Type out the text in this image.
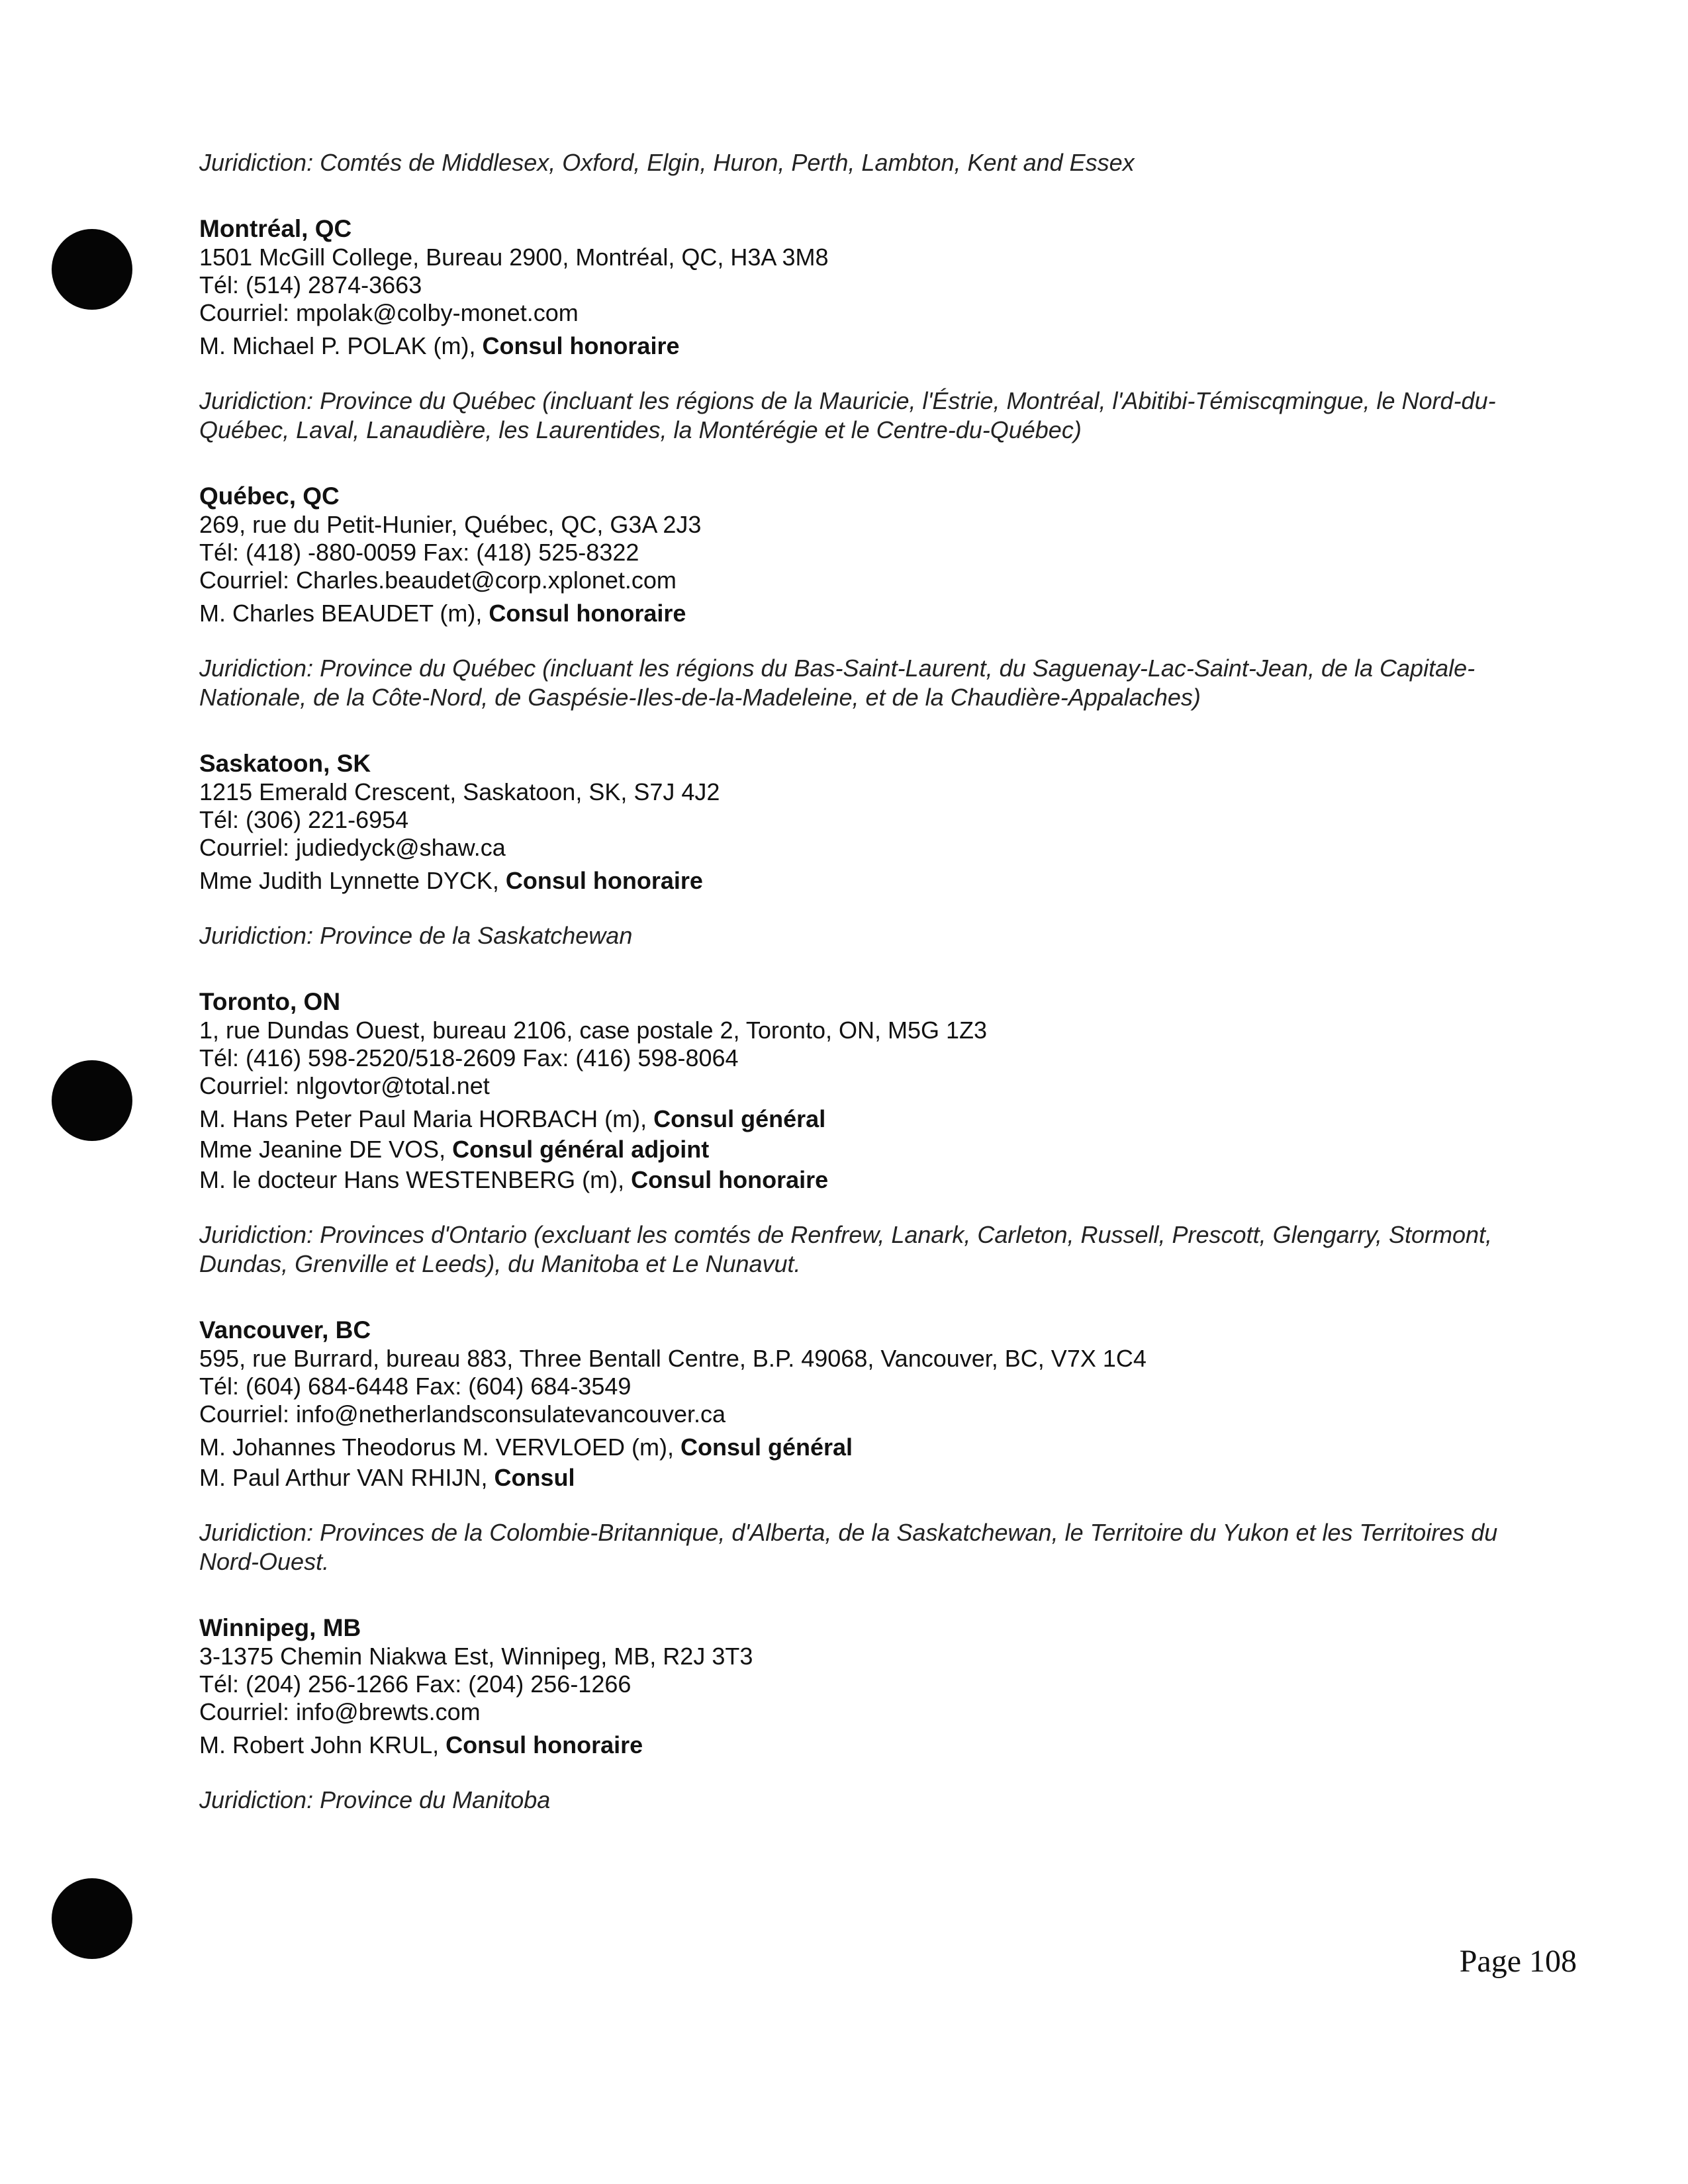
Juridiction: Comtés de Middlesex, Oxford, Elgin, Huron, Perth, Lambton, Kent and Essex
Montréal, QC
1501 McGill College, Bureau 2900, Montréal, QC, H3A 3M8
Tél: (514) 2874-3663
Courriel: mpolak@colby-monet.com
M. Michael P. POLAK (m), Consul honoraire
Juridiction: Province du Québec (incluant les régions de la Mauricie, l'Éstrie, Montréal, l'Abitibi-Témiscqmingue, le Nord-du-Québec, Laval, Lanaudière, les Laurentides, la Montérégie et le Centre-du-Québec)
Québec, QC
269, rue du Petit-Hunier, Québec, QC, G3A 2J3
Tél: (418) -880-0059 Fax: (418) 525-8322
Courriel: Charles.beaudet@corp.xplonet.com
M. Charles BEAUDET (m), Consul honoraire
Juridiction: Province du Québec (incluant les régions du Bas-Saint-Laurent, du Saguenay-Lac-Saint-Jean, de la Capitale-Nationale, de la Côte-Nord, de Gaspésie-Iles-de-la-Madeleine, et de la Chaudière-Appalaches)
Saskatoon, SK
1215 Emerald Crescent, Saskatoon, SK, S7J 4J2
Tél: (306) 221-6954
Courriel: judiedyck@shaw.ca
Mme Judith Lynnette DYCK, Consul honoraire
Juridiction: Province de la Saskatchewan
Toronto, ON
1, rue Dundas Ouest, bureau 2106, case postale 2, Toronto, ON, M5G 1Z3
Tél: (416) 598-2520/518-2609 Fax: (416) 598-8064
Courriel: nlgovtor@total.net
M. Hans Peter Paul Maria HORBACH (m), Consul général
Mme Jeanine DE VOS, Consul général adjoint
M. le docteur Hans WESTENBERG (m), Consul honoraire
Juridiction: Provinces d'Ontario (excluant les comtés de Renfrew, Lanark, Carleton, Russell, Prescott, Glengarry, Stormont, Dundas, Grenville et Leeds), du Manitoba et Le Nunavut.
Vancouver, BC
595, rue Burrard, bureau 883, Three Bentall Centre, B.P. 49068, Vancouver, BC, V7X 1C4
Tél: (604) 684-6448 Fax: (604) 684-3549
Courriel: info@netherlandsconsulatevancouver.ca
M. Johannes Theodorus M. VERVLOED (m), Consul général
M. Paul Arthur VAN RHIJN, Consul
Juridiction: Provinces de la Colombie-Britannique, d'Alberta, de la Saskatchewan, le Territoire du Yukon et les Territoires du Nord-Ouest.
Winnipeg, MB
3-1375 Chemin Niakwa Est, Winnipeg, MB, R2J 3T3
Tél: (204) 256-1266 Fax: (204) 256-1266
Courriel: info@brewts.com
M. Robert John KRUL, Consul honoraire
Juridiction: Province du Manitoba
Page 108
